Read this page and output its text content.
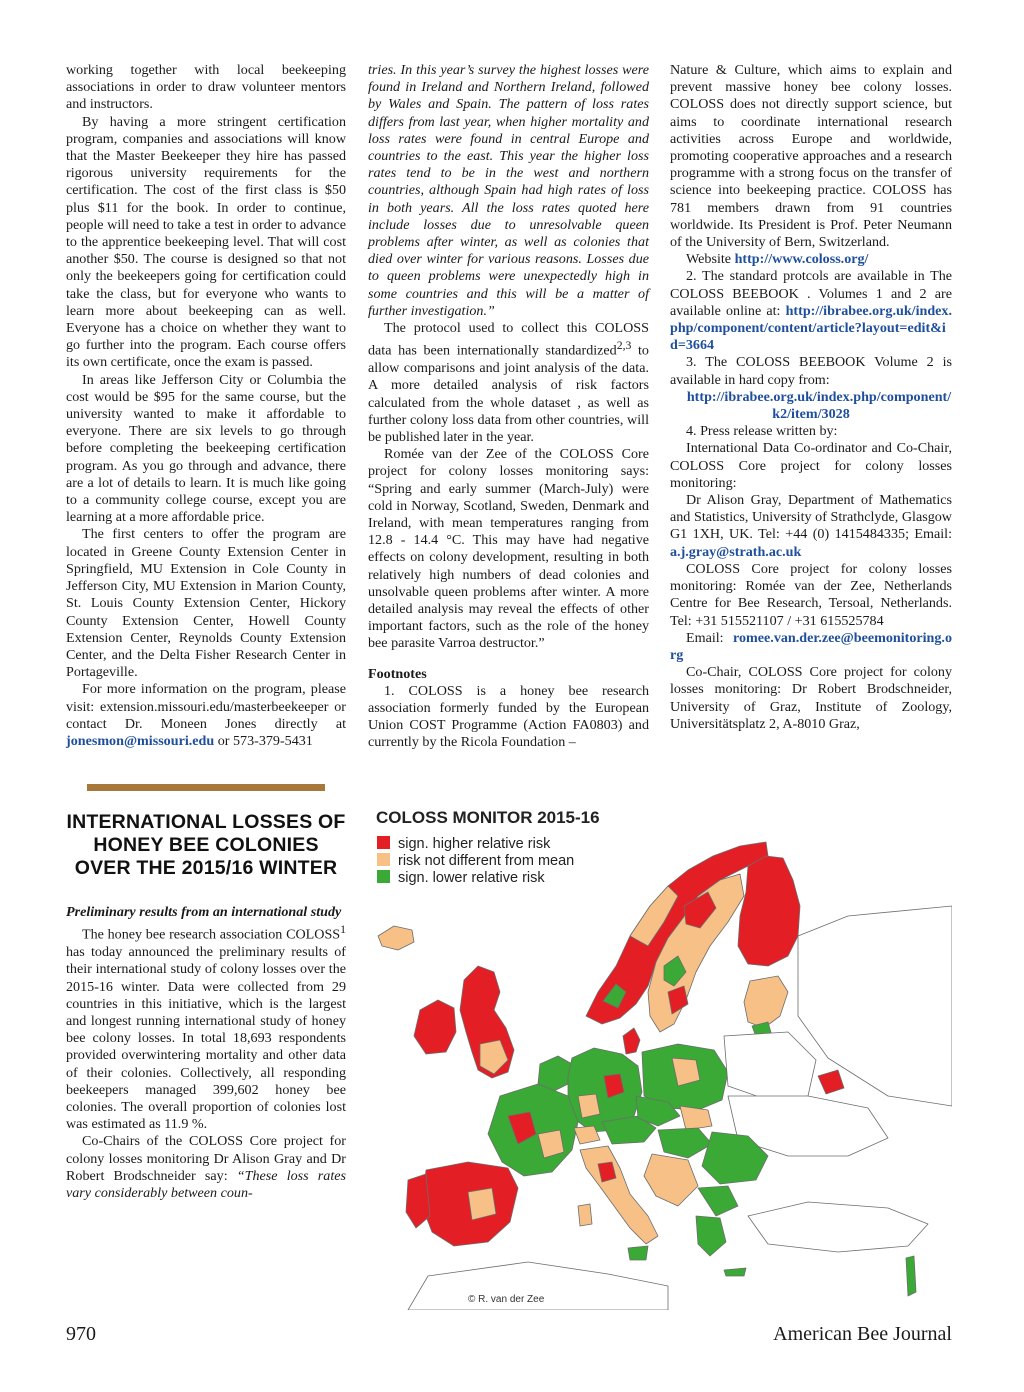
working together with local beekeeping associations in order to draw volunteer mentors and instructors.

By having a more stringent certification program, companies and associations will know that the Master Beekeeper they hire has passed rigorous university requirements for the certification. The cost of the first class is $50 plus $11 for the book. In order to continue, people will need to take a test in order to advance to the apprentice beekeeping level. That will cost another $50. The course is designed so that not only the beekeepers going for certification could take the class, but for everyone who wants to learn more about beekeeping can as well. Everyone has a choice on whether they want to go further into the program. Each course offers its own certificate, once the exam is passed.

In areas like Jefferson City or Columbia the cost would be $95 for the same course, but the university wanted to make it affordable to everyone. There are six levels to go through before completing the beekeeping certification program. As you go through and advance, there are a lot of details to learn. It is much like going to a community college course, except you are learning at a more affordable price.

The first centers to offer the program are located in Greene County Extension Center in Springfield, MU Extension in Cole County in Jefferson City, MU Extension in Marion County, St. Louis County Extension Center, Hickory County Extension Center, Howell County Extension Center, Reynolds County Extension Center, and the Delta Fisher Research Center in Portageville.

For more information on the program, please visit: extension.missouri.edu/masterbeekeeper or contact Dr. Moneen Jones directly at jonesmon@missouri.edu or 573-379-5431

INTERNATIONAL LOSSES OF HONEY BEE COLONIES OVER THE 2015/16 WINTER

Preliminary results from an international study

The honey bee research association COLOSS$^1$ has today announced the preliminary results of their international study of colony losses over the 2015-16 winter. Data were collected from 29 countries in this initiative, which is the largest and longest running international study of honey bee colony losses. In total 18,693 respondents provided overwintering mortality and other data of their colonies. Collectively, all responding beekeepers managed 399,602 honey bee colonies. The overall proportion of colonies lost was estimated as 11.9 %.

Co-Chairs of the COLOSS Core project for colony losses monitoring Dr Alison Gray and Dr Robert Brodschneider say: “These loss rates vary considerably between coun-

tries. In this year’s survey the highest losses were found in Ireland and Northern Ireland, followed by Wales and Spain. The pattern of loss rates differs from last year, when higher mortality and loss rates were found in central Europe and countries to the east. This year the higher loss rates tend to be in the west and northern countries, although Spain had high rates of loss in both years. All the loss rates quoted here include losses due to unresolvable queen problems after winter, as well as colonies that died over winter for various reasons. Losses due to queen problems were unexpectedly high in some countries and this will be a matter of further investigation.”

The protocol used to collect this COLOSS data has been internationally standardized$^{2,3}$ to allow comparisons and joint analysis of the data. A more detailed analysis of risk factors calculated from the whole dataset , as well as further colony loss data from other countries, will be published later in the year.

Romée van der Zee of the COLOSS Core project for colony losses monitoring says: “Spring and early summer (March-July) were cold in Norway, Scotland, Sweden, Denmark and Ireland, with mean temperatures ranging from 12.8 - 14.4 °C. This may have had negative effects on colony development, resulting in both relatively high numbers of dead colonies and unsolvable queen problems after winter. A more detailed analysis may reveal the effects of other important factors, such as the role of the honey bee parasite Varroa destructor.”

Footnotes

1. COLOSS is a honey bee research association formerly funded by the European Union COST Programme (Action FA0803) and currently by the Ricola Foundation –

Nature & Culture, which aims to explain and prevent massive honey bee colony losses. COLOSS does not directly support science, but aims to coordinate international research activities across Europe and worldwide, promoting cooperative approaches and a research programme with a strong focus on the transfer of science into beekeeping practice. COLOSS has 781 members drawn from 91 countries worldwide. Its President is Prof. Peter Neumann of the University of Bern, Switzerland.

Website http://www.coloss.org/

2. The standard protcols are available in The COLOSS BEEBOOK . Volumes 1 and 2 are available online at: http://ibrabee.org.uk/index.php/component/content/article?layout=edit&id=3664

3. The COLOSS BEEBOOK Volume 2 is available in hard copy from:

http://ibrabee.org.uk/index.php/component/k2/item/3028

4. Press release written by:

International Data Co-ordinator and Co-Chair, COLOSS Core project for colony losses monitoring:

Dr Alison Gray, Department of Mathematics and Statistics, University of Strathclyde, Glasgow G1 1XH, UK. Tel: +44 (0) 1415484335; Email: a.j.gray@strath.ac.uk

COLOSS Core project for colony losses monitoring: Romée van der Zee, Netherlands Centre for Bee Research, Tersoal, Netherlands. Tel: +31 515521107 / +31 615525784

Email: romee.van.der.zee@beemonitoring.org

Co-Chair, COLOSS Core project for colony losses monitoring: Dr Robert Brodschneider, University of Graz, Institute of Zoology, Universitätsplatz 2, A-8010 Graz,

COLOSS MONITOR 2015-16
sign. higher relative risk
risk not different from mean
sign. lower relative risk
© R. van der Zee
970	American Bee Journal
